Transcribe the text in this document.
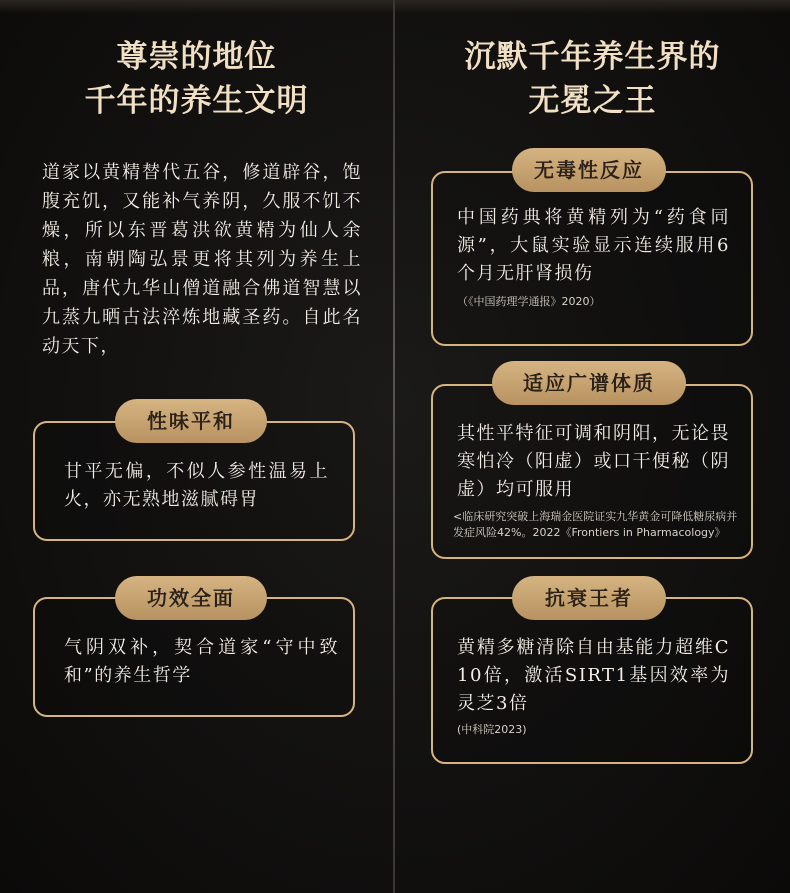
尊崇的地位
千年的养生文明
道家以黄精替代五谷，修道辟谷，饱腹充饥，又能补气养阴，久服不饥不燥，所以东晋葛洪欲黄精为仙人余粮，南朝陶弘景更将其列为养生上品，唐代九华山僧道融合佛道智慧以九蒸九晒古法淬炼地藏圣药。自此名动天下，
性味平和
甘平无偏，不似人参性温易上火，亦无熟地滋腻碍胃
功效全面
气阴双补，契合道家“守中致和”的养生哲学
沉默千年养生界的
无冕之王
无毒性反应
中国药典将黄精列为“药食同源”，大鼠实验显示连续服用6个月无肝肾损伤
（《中国药理学通报》2020）
适应广谱体质
其性平特征可调和阴阳，无论畏寒怕冷（阳虚）或口干便秘（阴虚）均可服用
<临床研究突破上海瑞金医院证实九华黄金可降低糖尿病并发症风险42%。2022《Frontiers in Pharmacology》
抗衰王者
黄精多糖清除自由基能力超维C 10倍，激活SIRT1基因效率为灵芝3倍
(中科院2023)
